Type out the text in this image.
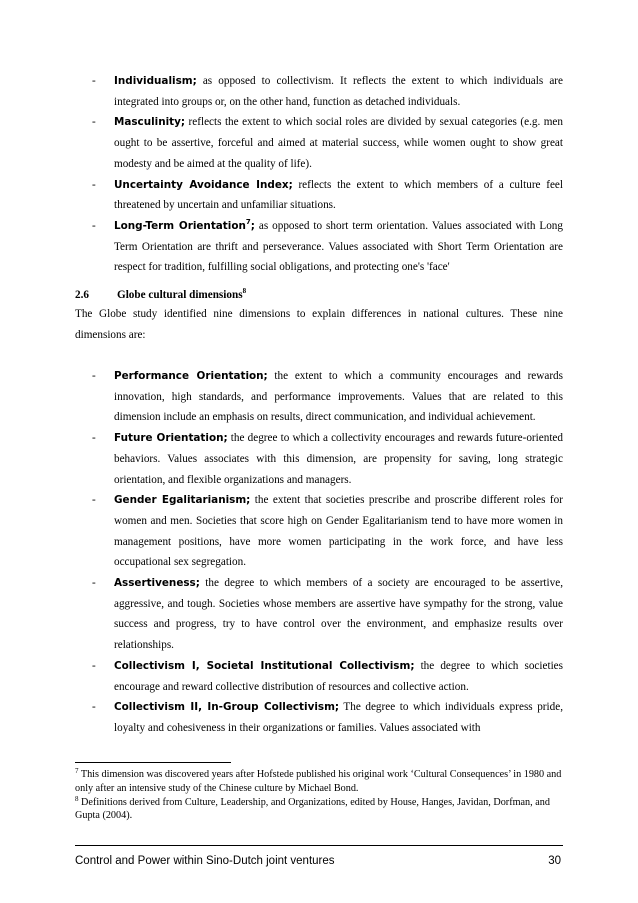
- Individualism; as opposed to collectivism. It reflects the extent to which individuals are integrated into groups or, on the other hand, function as detached individuals.
- Masculinity; reflects the extent to which social roles are divided by sexual categories (e.g. men ought to be assertive, forceful and aimed at material success, while women ought to show great modesty and be aimed at the quality of life).
- Uncertainty Avoidance Index; reflects the extent to which members of a culture feel threatened by uncertain and unfamiliar situations.
- Long-Term Orientation$^7$; as opposed to short term orientation. Values associated with Long Term Orientation are thrift and perseverance. Values associated with Short Term Orientation are respect for tradition, fulfilling social obligations, and protecting one's 'face'
2.6	Globe cultural dimensions$^8$
The Globe study identified nine dimensions to explain differences in national cultures. These nine dimensions are:
- Performance Orientation; the extent to which a community encourages and rewards innovation, high standards, and performance improvements. Values that are related to this dimension include an emphasis on results, direct communication, and individual achievement.
- Future Orientation; the degree to which a collectivity encourages and rewards future-oriented behaviors. Values associates with this dimension, are propensity for saving, long strategic orientation, and flexible organizations and managers.
- Gender Egalitarianism; the extent that societies prescribe and proscribe different roles for women and men. Societies that score high on Gender Egalitarianism tend to have more women in management positions, have more women participating in the work force, and have less occupational sex segregation.
- Assertiveness; the degree to which members of a society are encouraged to be assertive, aggressive, and tough. Societies whose members are assertive have sympathy for the strong, value success and progress, try to have control over the environment, and emphasize results over relationships.
- Collectivism I, Societal Institutional Collectivism; the degree to which societies encourage and reward collective distribution of resources and collective action.
- Collectivism II, In-Group Collectivism; The degree to which individuals express pride, loyalty and cohesiveness in their organizations or families. Values associated with

$^7$ This dimension was discovered years after Hofstede published his original work ‘Cultural Consequences’ in 1980 and only after an intensive study of the Chinese culture by Michael Bond.

$^8$ Definitions derived from Culture, Leadership, and Organizations, edited by House, Hanges, Javidan, Dorfman, and Gupta (2004).

Control and Power within Sino-Dutch joint ventures	30
